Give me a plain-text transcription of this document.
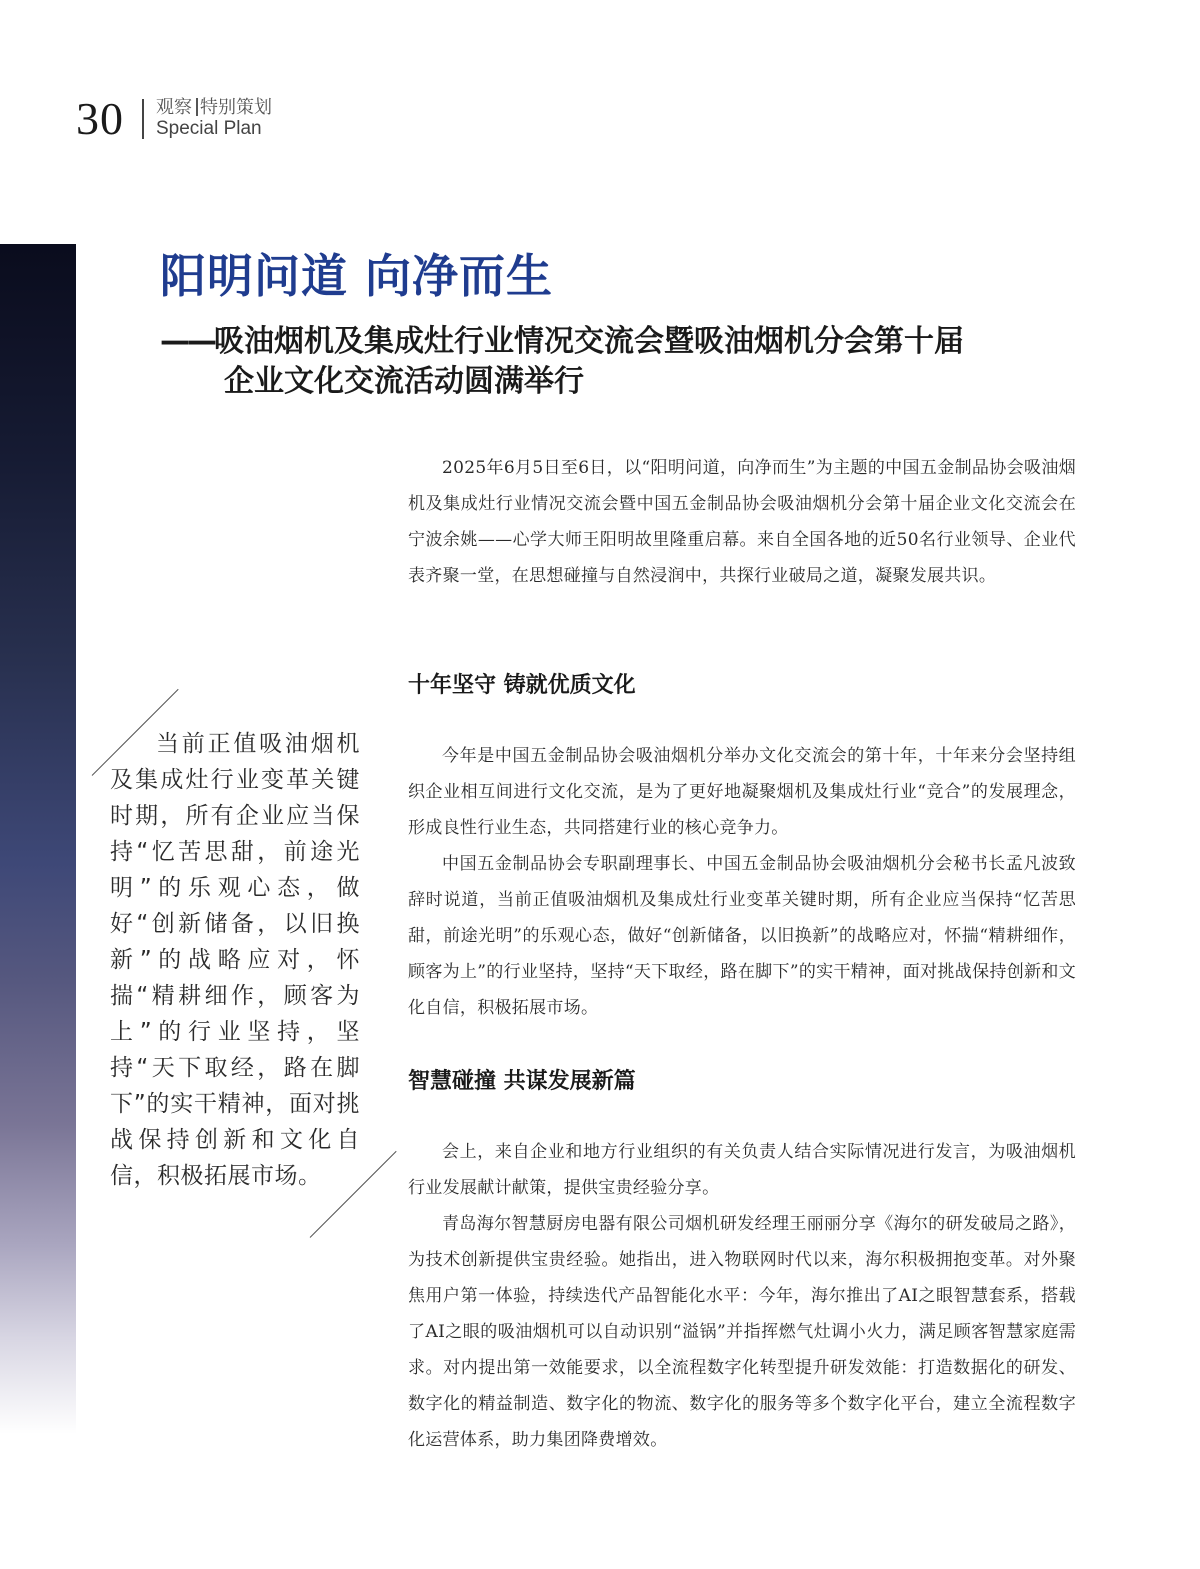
30 观察 特别策划
Special Plan
阳明问道 向净而生
——吸油烟机及集成灶行业情况交流会暨吸油烟机分会第十届
企业文化交流活动圆满举行

2025年6月5日至6日，以“阳明问道，向净而生”为主题的中国五金制品协会吸油烟机及集成灶行业情况交流会暨中国五金制品协会吸油烟机分会第十届企业文化交流会在宁波余姚——心学大师王阳明故里隆重启幕。来自全国各地的近50名行业领导、企业代表齐聚一堂，在思想碰撞与自然浸润中，共探行业破局之道，凝聚发展共识。

十年坚守 铸就优质文化

今年是中国五金制品协会吸油烟机分举办文化交流会的第十年，十年来分会坚持组织企业相互间进行文化交流，是为了更好地凝聚烟机及集成灶行业“竞合”的发展理念，形成良性行业生态，共同搭建行业的核心竞争力。

中国五金制品协会专职副理事长、中国五金制品协会吸油烟机分会秘书长孟凡波致辞时说道，当前正值吸油烟机及集成灶行业变革关键时期，所有企业应当保持“忆苦思甜，前途光明”的乐观心态，做好“创新储备，以旧换新”的战略应对，怀揣“精耕细作，顾客为上”的行业坚持，坚持“天下取经，路在脚下”的实干精神，面对挑战保持创新和文化自信，积极拓展市场。

智慧碰撞 共谋发展新篇

会上，来自企业和地方行业组织的有关负责人结合实际情况进行发言，为吸油烟机行业发展献计献策，提供宝贵经验分享。

青岛海尔智慧厨房电器有限公司烟机研发经理王丽丽分享《海尔的研发破局之路》，为技术创新提供宝贵经验。她指出，进入物联网时代以来，海尔积极拥抱变革。对外聚焦用户第一体验，持续迭代产品智能化水平：今年，海尔推出了AI之眼智慧套系，搭载了AI之眼的吸油烟机可以自动识别“溢锅”并指挥燃气灶调小火力，满足顾客智慧家庭需求。对内提出第一效能要求，以全流程数字化转型提升研发效能：打造数据化的研发、数字化的精益制造、数字化的物流、数字化的服务等多个数字化平台，建立全流程数字化运营体系，助力集团降费增效。

当前正值吸油烟机及集成灶行业变革关键时期，所有企业应当保持“忆苦思甜，前途光明”的乐观心态，做好“创新储备，以旧换新”的战略应对，怀揣“精耕细作，顾客为上”的行业坚持，坚持“天下取经，路在脚下”的实干精神，面对挑战保持创新和文化自信，积极拓展市场。
